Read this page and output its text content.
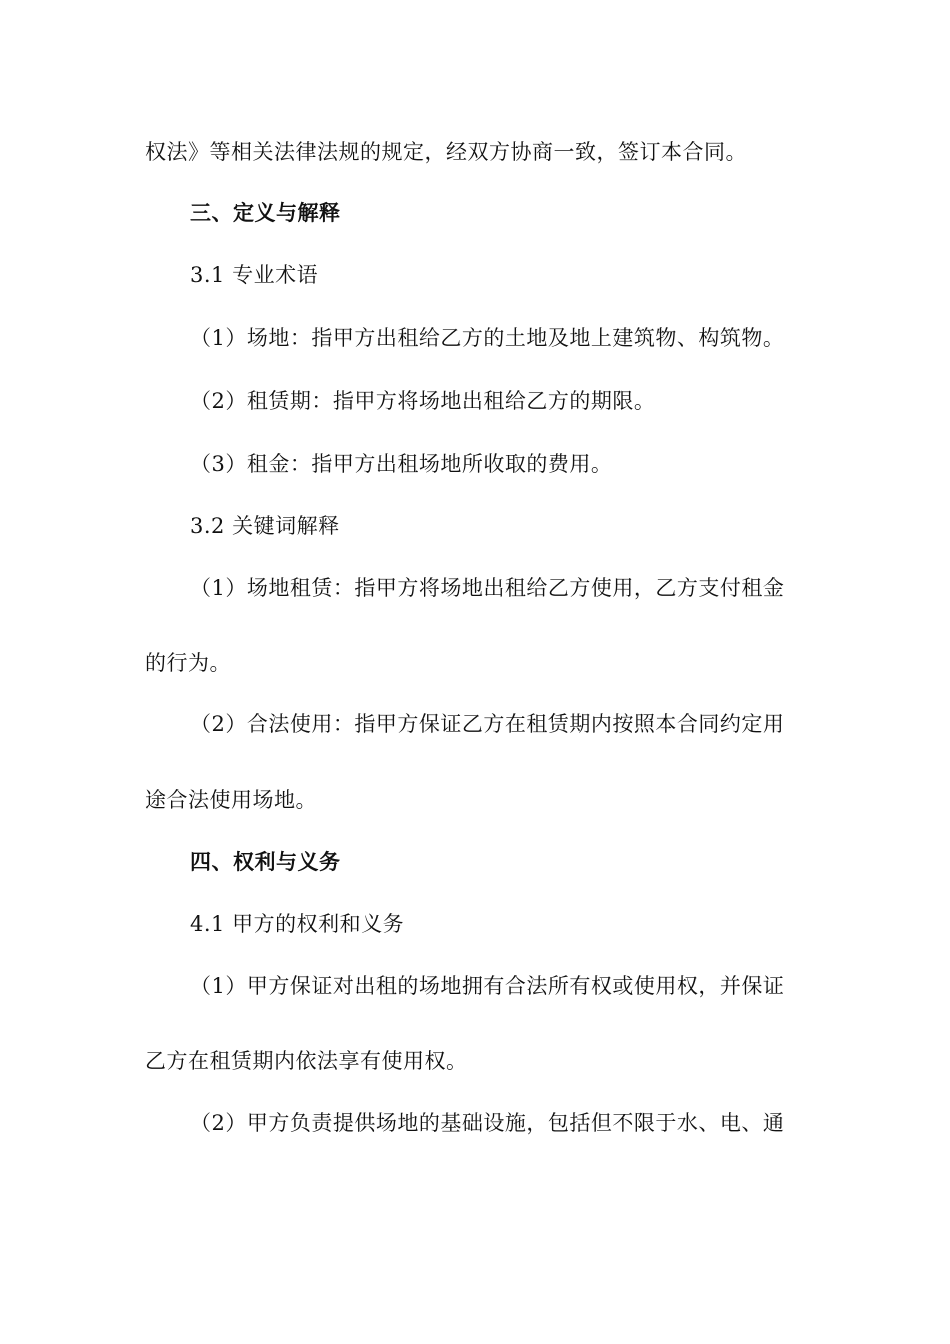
权法》等相关法律法规的规定，经双方协商一致，签订本合同。
三、定义与解释
3.1 专业术语
（1）场地：指甲方出租给乙方的土地及地上建筑物、构筑物。
（2）租赁期：指甲方将场地出租给乙方的期限。
（3）租金：指甲方出租场地所收取的费用。
3.2 关键词解释
（1）场地租赁：指甲方将场地出租给乙方使用，乙方支付租金
的行为。
（2）合法使用：指甲方保证乙方在租赁期内按照本合同约定用
途合法使用场地。
四、权利与义务
4.1 甲方的权利和义务
（1）甲方保证对出租的场地拥有合法所有权或使用权，并保证
乙方在租赁期内依法享有使用权。
（2）甲方负责提供场地的基础设施，包括但不限于水、电、通
